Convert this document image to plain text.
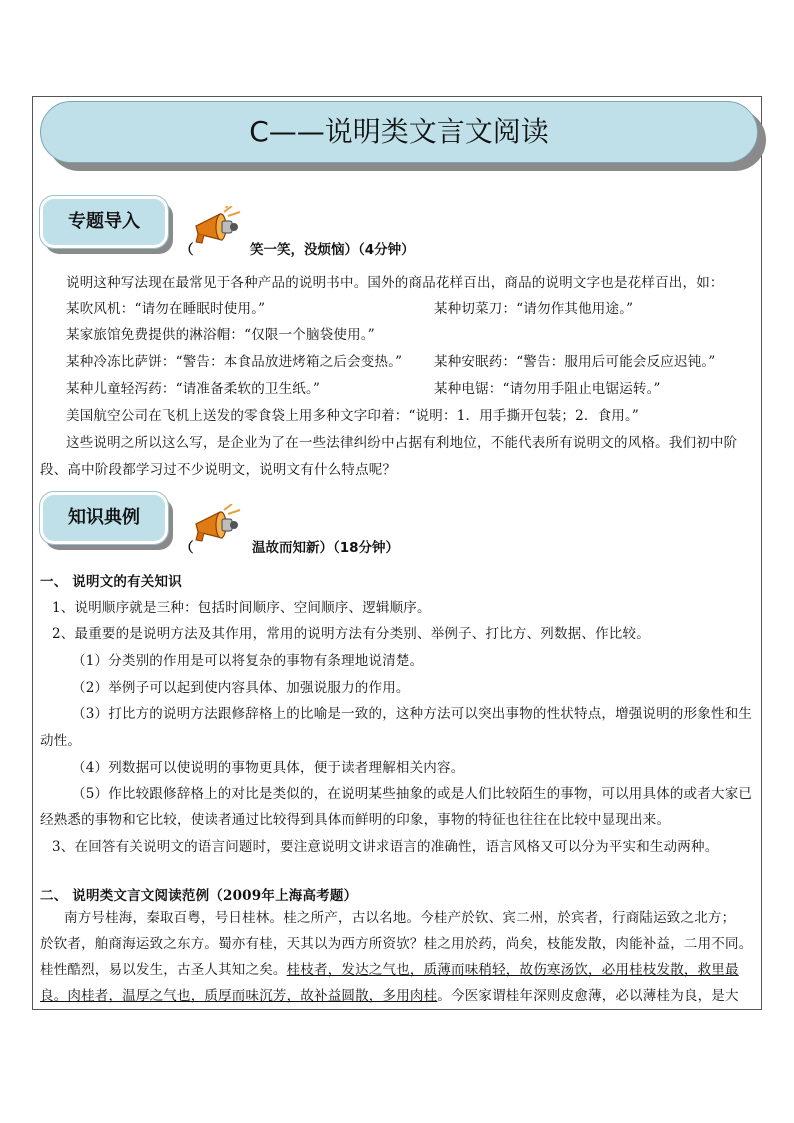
C——说明类文言文阅读
专题导入
（	笑一笑，没烦恼）（4分钟）
说明这种写法现在最常见于各种产品的说明书中。国外的商品花样百出，商品的说明文字也是花样百出，如：
某吹风机：“请勿在睡眠时使用。”	某种切菜刀：“请勿作其他用途。”
某家旅馆免费提供的淋浴帽：“仅限一个脑袋使用。”
某种冷冻比萨饼：“警告：本食品放进烤箱之后会变热。” 某种安眠药：“警告：服用后可能会反应迟钝。”
某种儿童轻泻药：“请准备柔软的卫生纸。”	某种电锯：“请勿用手阻止电锯运转。”
美国航空公司在飞机上送发的零食袋上用多种文字印着：“说明：1．用手撕开包装；2．食用。”
这些说明之所以这么写，是企业为了在一些法律纠纷中占据有利地位，不能代表所有说明文的风格。我们初中阶
段、高中阶段都学习过不少说明文，说明文有什么特点呢？
知识典例
（	温故而知新）（18分钟）
一、 说明文的有关知识
1、说明顺序就是三种：包括时间顺序、空间顺序、逻辑顺序。
2、最重要的是说明方法及其作用，常用的说明方法有分类别、举例子、打比方、列数据、作比较。
（1）分类别的作用是可以将复杂的事物有条理地说清楚。
（2）举例子可以起到使内容具体、加强说服力的作用。
（3）打比方的说明方法跟修辞格上的比喻是一致的，这种方法可以突出事物的性状特点，增强说明的形象性和生
动性。
（4）列数据可以使说明的事物更具体，便于读者理解相关内容。
（5）作比较跟修辞格上的对比是类似的，在说明某些抽象的或是人们比较陌生的事物，可以用具体的或者大家已
经熟悉的事物和它比较，使读者通过比较得到具体而鲜明的印象，事物的特征也往往在比较中显现出来。
3、在回答有关说明文的语言问题时，要注意说明文讲求语言的准确性，语言风格又可以分为平实和生动两种。
二、 说明类文言文阅读范例（2009年上海高考题）
南方号桂海，秦取百粤，号日桂林。桂之所产，古以名地。今桂产於钦、宾二州，於宾者，行商陆运致之北方；
於钦者，舶商海运致之东方。蜀亦有桂，天其以为西方所资欤？桂之用於药，尚矣，枝能发散，肉能补益，二用不同。
桂性酷烈，易以发生，古圣人其知之矣。桂枝者，发达之气也，质薄而味稍轻，故伤寒汤饮，必用桂枝发散，救里最
良。肉桂者，温厚之气也，质厚而味沉芳，故补益圆散，多用肉桂。今医家谓桂年深则皮愈薄，必以薄桂为良，是大
